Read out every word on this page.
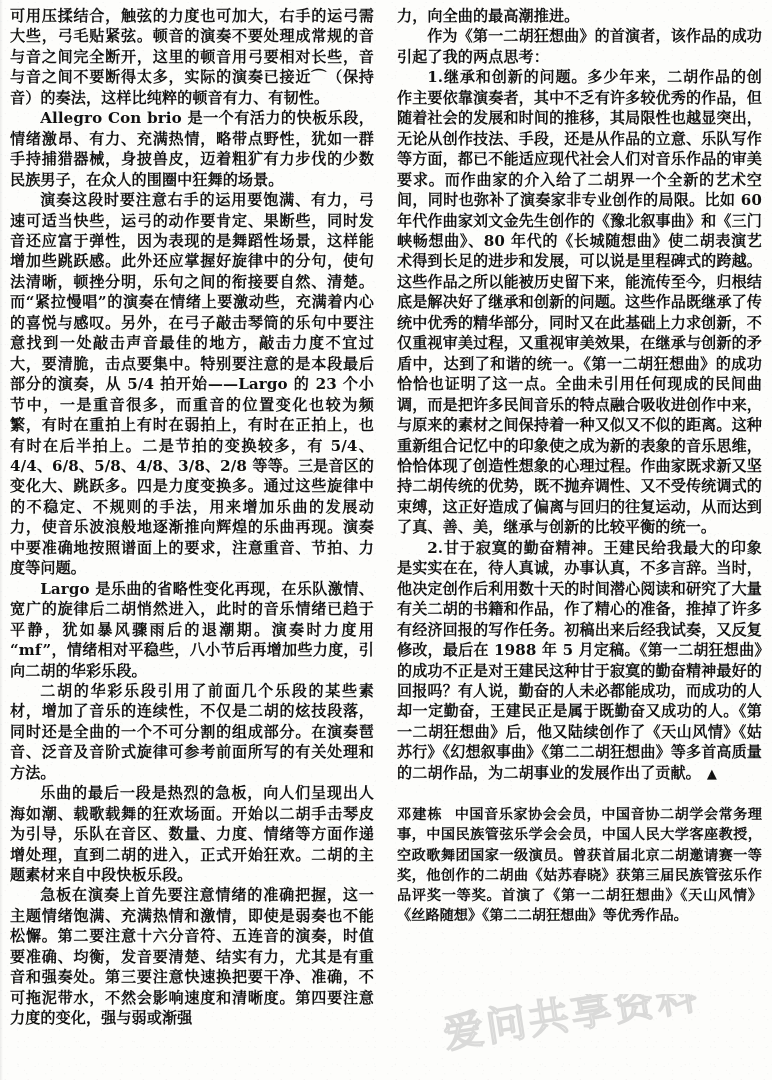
可用压揉结合，触弦的力度也可加大，右手的运弓需大些，弓毛贴紧弦。顿音的演奏不要处理成常规的音与音之间完全断开，这里的顿音用弓要相对长些，音与音之间不要断得太多，实际的演奏已接近⌒（保持音）的奏法，这样比纯粹的顿音有力、有韧性。

Allegro Con brio 是一个有活力的快板乐段，情绪激昂、有力、充满热情，略带点野性，犹如一群手持捕猎器械，身披兽皮，迈着粗犷有力步伐的少数民族男子，在众人的围圈中狂舞的场景。

演奏这段时要注意右手的运用要饱满、有力，弓速可适当快些，运弓的动作要肯定、果断些，同时发音还应富于弹性，因为表现的是舞蹈性场景，这样能增加些跳跃感。此外还应掌握好旋律中的分句，使句法清晰，顿挫分明，乐句之间的衔接要自然、清楚。而“紧拉慢唱”的演奏在情绪上要激动些，充满着内心的喜悦与感叹。另外，在弓子敲击琴筒的乐句中要注意找到一处敲击声音最佳的地方，敲击力度不宜过大，要清脆，击点要集中。特别要注意的是本段最后部分的演奏，从 5/4 拍开始——Largo 的 23 个小节中，一是重音很多，而重音的位置变化也较为频繁，有时在重拍上有时在弱拍上，有时在正拍上，也有时在后半拍上。二是节拍的变换较多，有 5/4、4/4、6/8、5/8、4/8、3/8、2/8 等等。三是音区的变化大、跳跃多。四是力度变换多。通过这些旋律中的不稳定、不规则的手法，用来增加乐曲的发展动力，使音乐波浪般地逐渐推向辉煌的乐曲再现。演奏中要准确地按照谱面上的要求，注意重音、节拍、力度等问题。

Largo 是乐曲的省略性变化再现，在乐队激情、宽广的旋律后二胡悄然进入，此时的音乐情绪已趋于平静，犹如暴风骤雨后的退潮期。演奏时力度用“mf”，情绪相对平稳些，八小节后再增加些力度，引向二胡的华彩乐段。

二胡的华彩乐段引用了前面几个乐段的某些素材，增加了音乐的连续性，不仅是二胡的炫技段落，同时还是全曲的一个不可分割的组成部分。在演奏琶音、泛音及音阶式旋律可参考前面所写的有关处理和方法。

乐曲的最后一段是热烈的急板，向人们呈现出人海如潮、载歌载舞的狂欢场面。开始以二胡手击琴皮为引导，乐队在音区、数量、力度、情绪等方面作递增处理，直到二胡的进入，正式开始狂欢。二胡的主题素材来自中段快板乐段。

急板在演奏上首先要注意情绪的准确把握，这一主题情绪饱满、充满热情和激情，即使是弱奏也不能松懈。第二要注意十六分音符、五连音的演奏，时值要准确、均衡，发音要清楚、结实有力，尤其是有重音和强奏处。第三要注意快速换把要干净、准确，不可拖泥带水，不然会影响速度和清晰度。第四要注意力度的变化，强与弱或渐强

力，向全曲的最高潮推进。

作为《第一二胡狂想曲》的首演者，该作品的成功引起了我的两点思考：

1.继承和创新的问题。多少年来，二胡作品的创作主要依靠演奏者，其中不乏有许多较优秀的作品，但随着社会的发展和时间的推移，其局限性也越显突出，无论从创作技法、手段，还是从作品的立意、乐队写作等方面，都已不能适应现代社会人们对音乐作品的审美要求。而作曲家的介入给了二胡界一个全新的艺术空间，同时也弥补了演奏家非专业创作的局限。比如 60 年代作曲家刘文金先生创作的《豫北叙事曲》和《三门峡畅想曲》、80 年代的《长城随想曲》使二胡表演艺术得到长足的进步和发展，可以说是里程碑式的跨越。这些作品之所以能被历史留下来，能流传至今，归根结底是解决好了继承和创新的问题。这些作品既继承了传统中优秀的精华部分，同时又在此基础上力求创新，不仅重视审美过程，又重视审美效果，在继承与创新的矛盾中，达到了和谐的统一。《第一二胡狂想曲》的成功恰恰也证明了这一点。全曲未引用任何现成的民间曲调，而是把许多民间音乐的特点融合吸收进创作中来，与原来的素材之间保持着一种又似又不似的距离。这种重新组合记忆中的印象使之成为新的表象的音乐思维，恰恰体现了创造性想象的心理过程。作曲家既求新又坚持二胡传统的优势，既不抛弃调性、又不受传统调式的束缚，这正好造成了偏离与回归的往复运动，从而达到了真、善、美，继承与创新的比较平衡的统一。

2.甘于寂寞的勤奋精神。王建民给我最大的印象是实实在在，待人真诚，办事认真，不多言辞。当时，他决定创作后利用数十天的时间潜心阅读和研究了大量有关二胡的书籍和作品，作了精心的准备，推掉了许多有经济回报的写作任务。初稿出来后经我试奏，又反复修改，最后在 1988 年 5 月定稿。《第一二胡狂想曲》的成功不正是对王建民这种甘于寂寞的勤奋精神最好的回报吗？有人说，勤奋的人未必都能成功，而成功的人却一定勤奋，王建民正是属于既勤奋又成功的人。《第一二胡狂想曲》后，他又陆续创作了《天山风情》《姑苏行》《幻想叙事曲》《第二二胡狂想曲》等多首高质量的二胡作品，为二胡事业的发展作出了贡献。 ▲

邓建栋 中国音乐家协会会员，中国音协二胡学会常务理事，中国民族管弦乐学会会员，中国人民大学客座教授，空政歌舞团国家一级演员。曾获首届北京二胡邀请赛一等奖，他创作的二胡曲《姑苏春晓》获第三届民族管弦乐作品评奖一等奖。首演了《第一二胡狂想曲》《天山风情》《丝路随想》《第二二胡狂想曲》等优秀作品。
爱问共享资料
